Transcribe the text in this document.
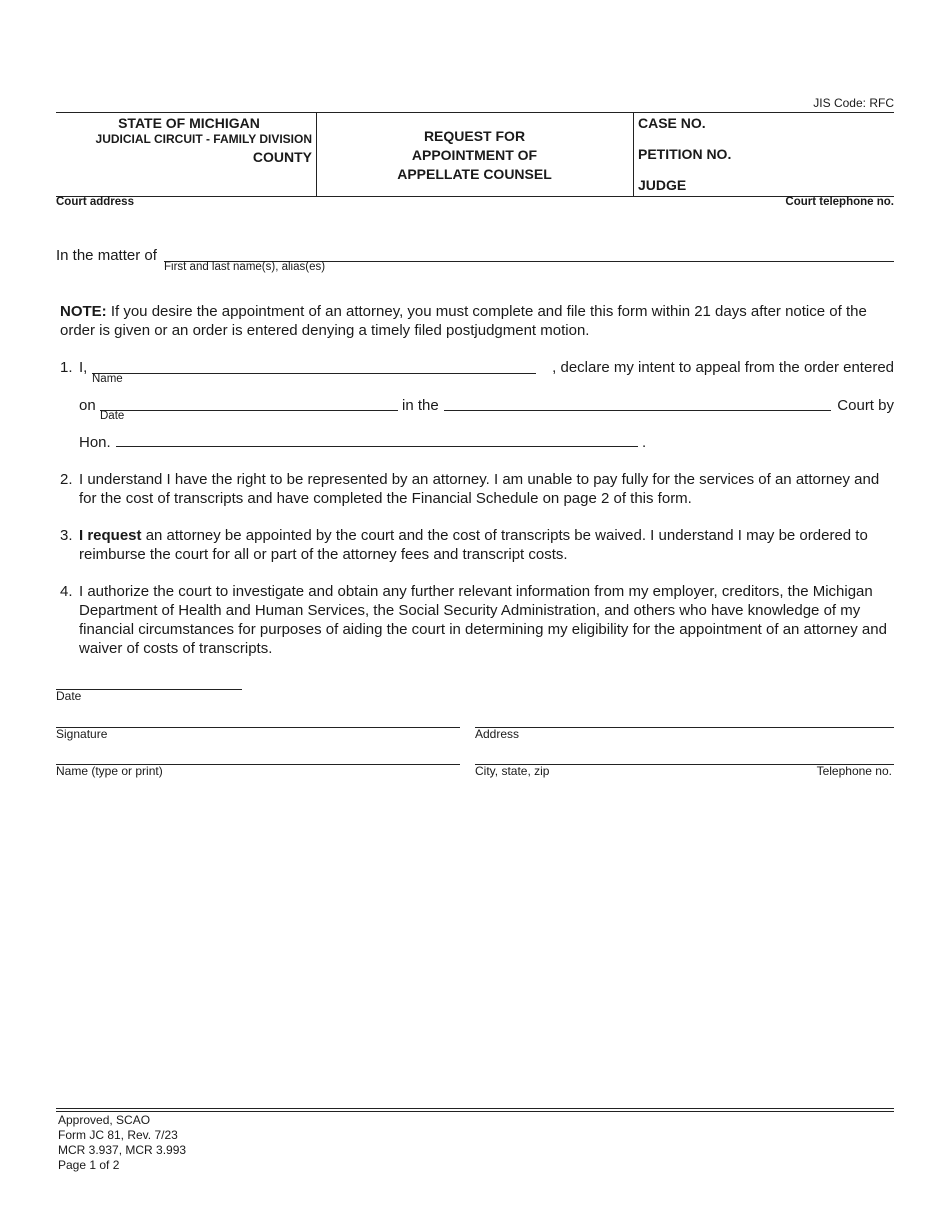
JIS Code: RFC
STATE OF MICHIGAN
JUDICIAL CIRCUIT - FAMILY DIVISION
COUNTY
REQUEST FOR
APPOINTMENT OF
APPELLATE COUNSEL
CASE NO.
PETITION NO.
JUDGE
Court address	Court telephone no.
In the matter of
First and last name(s), alias(es)
NOTE: If you desire the appointment of an attorney, you must complete and file this form within 21 days after notice of the order is given or an order is entered denying a timely filed postjudgment motion.
1. I,
Name
, declare my intent to appeal from the order entered
on
Date
in the	Court by
Hon.	.
2. I understand I have the right to be represented by an attorney. I am unable to pay fully for the services of an attorney and for the cost of transcripts and have completed the Financial Schedule on page 2 of this form.
3. I request an attorney be appointed by the court and the cost of transcripts be waived. I understand I may be ordered to reimburse the court for all or part of the attorney fees and transcript costs.
4. I authorize the court to investigate and obtain any further relevant information from my employer, creditors, the Michigan Department of Health and Human Services, the Social Security Administration, and others who have knowledge of my financial circumstances for purposes of aiding the court in determining my eligibility for the appointment of an attorney and waiver of costs of transcripts.
Date
Signature	Address
Name (type or print)	City, state, zip	Telephone no.
Approved, SCAO
Form JC 81, Rev. 7/23
MCR 3.937, MCR 3.993
Page 1 of 2
